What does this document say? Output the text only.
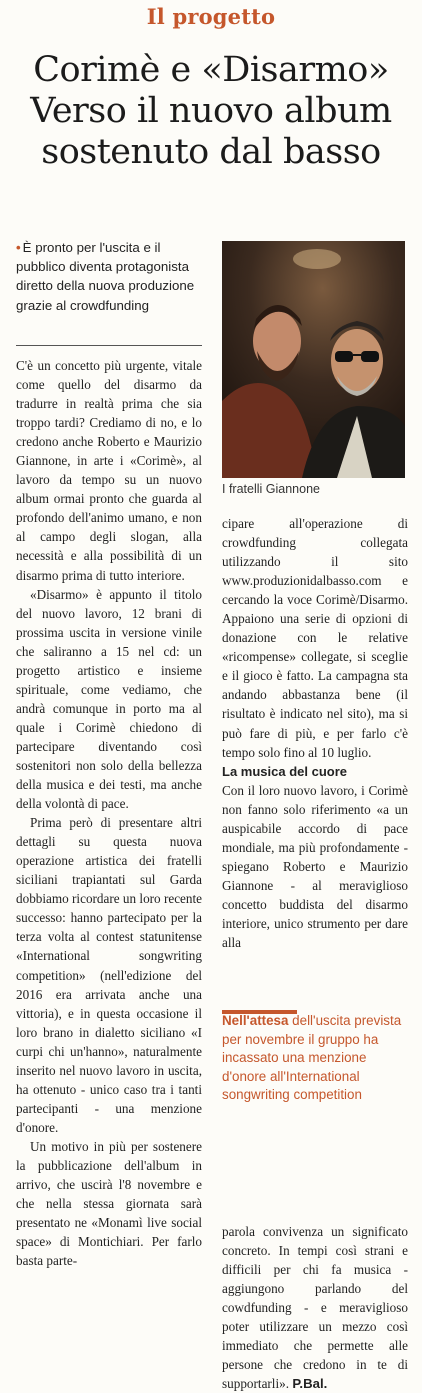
Il progetto
Corimè e «Disarmo»
Verso il nuovo album
sostenuto dal basso
• È pronto per l'uscita e il pubblico diventa protagonista diretto della nuova produzione grazie al crowdfunding

C'è un concetto più urgente, vitale come quello del disarmo da tradurre in realtà prima che sia troppo tardi? Crediamo di no, e lo credono anche Roberto e Maurizio Giannone, in arte i «Corimè», al lavoro da tempo su un nuovo album ormai pronto che guarda al profondo dell'animo umano, e non al campo degli slogan, alla necessità e alla possibilità di un disarmo prima di tutto interiore.

«Disarmo» è appunto il titolo del nuovo lavoro, 12 brani di prossima uscita in versione vinile che saliranno a 15 nel cd: un progetto artistico e insieme spirituale, come vediamo, che andrà comunque in porto ma al quale i Corimè chiedono di partecipare diventando così sostenitori non solo della bellezza della musica e dei testi, ma anche della volontà di pace.

Prima però di presentare altri dettagli su questa nuova operazione artistica dei fratelli siciliani trapiantati sul Garda dobbiamo ricordare un loro recente successo: hanno partecipato per la terza volta al contest statunitense «International songwriting competition» (nell'edizione del 2016 era arrivata anche una vittoria), e in questa occasione il loro brano in dialetto siciliano «I curpi chi un'hanno», naturalmente inserito nel nuovo lavoro in uscita, ha ottenuto - unico caso tra i tanti partecipanti - una menzione d'onore.

Un motivo in più per sostenere la pubblicazione dell'album in arrivo, che uscirà l'8 novembre e che nella stessa giornata sarà presentato ne «Monamì live social space» di Montichiari. Per farlo basta parte-

I fratelli Giannone

cipare all'operazione di crowdfunding collegata utilizzando il sito www.produzionidalbasso.com e cercando la voce Corimè/Disarmo. Appaiono una serie di opzioni di donazione con le relative «ricompense» collegate, si sceglie e il gioco è fatto. La campagna sta andando abbastanza bene (il risultato è indicato nel sito), ma si può fare di più, e per farlo c'è tempo solo fino al 10 luglio.

La musica del cuore

Con il loro nuovo lavoro, i Corimè non fanno solo riferimento «a un auspicabile accordo di pace mondiale, ma più profondamente - spiegano Roberto e Maurizio Giannone - al meraviglioso concetto buddista del disarmo interiore, unico strumento per dare alla

Nell'attesa dell'uscita prevista per novembre il gruppo ha incassato una menzione d'onore all'International songwriting competition

parola convivenza un significato concreto. In tempi così strani e difficili per chi fa musica - aggiungono parlando del cowdfunding - e meraviglioso poter utilizzare un mezzo così immediato che permette alle persone che credono in te di supportarli». P.Bal.
